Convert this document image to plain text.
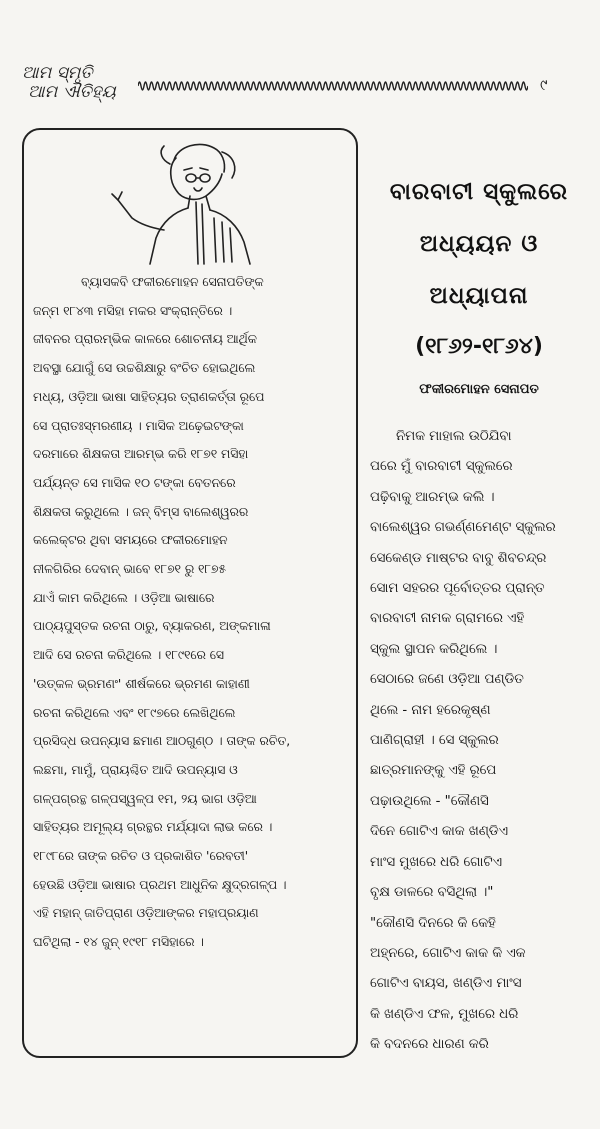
ଆମ ସ୍ମୃତି
ଆମ ଐତିହ୍ୟ	୯

ବ୍ୟାସକବି ଫକୀରମୋହନ ସେନାପତିଙ୍କ
ଜନ୍ମ ୧୮୪୩ ମସିହା ମକର ସଂକ୍ରାନ୍ତିରେ ।
ଜୀବନର ପ୍ରାରମ୍ଭିକ କାଳରେ ଶୋଚନୀୟ ଆର୍ଥିକ
ଅବସ୍ଥା ଯୋଗୁଁ ସେ ଉଚ୍ଚଶିକ୍ଷାରୁ ବଂଚିତ ହୋଇଥିଲେ
ମଧ୍ୟ, ଓଡ଼ିଆ ଭାଷା ସାହିତ୍ୟର ତ୍ରାଣକର୍ତ୍ତା ରୂପେ
ସେ ପ୍ରାତଃସ୍ମରଣୀୟ । ମାସିକ ଅଢ଼େଇଟଙ୍କା
ଦରମାରେ ଶିକ୍ଷକତା ଆରମ୍ଭ କରି ୧୮୭୧ ମସିହା
ପର୍ଯ୍ୟନ୍ତ ସେ ମାସିକ ୧୦ ଟଙ୍କା ବେତନରେ
ଶିକ୍ଷକତା କରୁଥିଲେ । ଜନ୍ ବିମ୍ସ ବାଲେଶ୍ୱରର
କଲେକ୍ଟର ଥିବା ସମୟରେ ଫକୀରମୋହନ
ନୀଳଗିରିର ଦେବାନ୍ ଭାବେ ୧୮୭୧ ରୁ ୧୮୭୫
ଯାଏଁ କାମ କରିଥିଲେ । ଓଡ଼ିଆ ଭାଷାରେ
ପାଠ୍ୟପୁସ୍ତକ ରଚନା ଠାରୁ, ବ୍ୟାକରଣ, ଅଙ୍କମାଳା
ଆଦି ସେ ରଚନା କରିଥିଲେ । ୧୮୯୧ରେ ସେ
'ଉତ୍କଳ ଭ୍ରମଣଂ' ଶୀର୍ଷକରେ ଭ୍ରମଣ କାହାଣୀ
ରଚନା କରିଥିଲେ ଏବଂ ୧୮୯୭ରେ ଲେଖିଥିଲେ
ପ୍ରସିଦ୍ଧ ଉପନ୍ୟାସ ଛମାଣ ଆଠଗୁଣ୍ଠ । ତାଙ୍କ ରଚିତ,
ଲଛମା, ମାମୁଁ, ପ୍ରାୟଶ୍ଚିତ ଆଦି ଉପନ୍ୟାସ ଓ
ଗଳ୍ପଗ୍ରନ୍ଥ ଗଳ୍ପସ୍ୱଳ୍ପ ୧ମ, ୨ୟ ଭାଗ ଓଡ଼ିଆ
ସାହିତ୍ୟର ଅମୂଲ୍ୟ ଗ୍ରନ୍ଥର ମର୍ଯ୍ୟାଦା ଲାଭ କରେ ।
୧୮୯୮ରେ ତାଙ୍କ ରଚିତ ଓ ପ୍ରକାଶିତ 'ରେବତୀ'
ହେଉଛି ଓଡ଼ିଆ ଭାଷାର ପ୍ରଥମ ଆଧୁନିକ କ୍ଷୁଦ୍ରଗଳ୍ପ ।
ଏହି ମହାନ୍ ଜାତିପ୍ରାଣ ଓଡ଼ିଆଙ୍କର ମହାପ୍ରୟାଣ
ଘଟିଥିଲା - ୧୪ ଜୁନ୍ ୧୯୧୮ ମସିହାରେ ।

ବାରବାଟୀ ସ୍କୁଲରେ
ଅଧ୍ୟୟନ ଓ ଅଧ୍ୟାପନା
(୧୮୬୨-୧୮୬୪)
ଫକୀରମୋହନ ସେନାପତ
ନିମକ ମାହାଲ ଉଠିଯିବା
ପରେ ମୁଁ ବାରବାଟୀ ସ୍କୁଲରେ
ପଢ଼ିବାକୁ ଆରମ୍ଭ କଲି ।
ବାଲେଶ୍ୱର ଗଭର୍ଣ୍ଣମେଣ୍ଟ ସ୍କୁଲର
ସେକେଣ୍ଡ ମାଷ୍ଟର ବାବୁ ଶିବଚନ୍ଦ୍ର
ସୋମ ସହରର ପୂର୍ବୋତ୍ତର ପ୍ରାନ୍ତ
ବାରବାଟୀ ନାମକ ଗ୍ରାମରେ ଏହି
ସ୍କୁଲ ସ୍ଥାପନ କରିଥିଲେ ।
ସେଠାରେ ଜଣେ ଓଡ଼ିଆ ପଣ୍ଡିତ
ଥିଲେ - ନାମ ହରେକୃଷ୍ଣ
ପାଣିଗ୍ରାହୀ । ସେ ସ୍କୁଲର
ଛାତ୍ରମାନଙ୍କୁ ଏହି ରୂପେ
ପଢ଼ାଉଥିଲେ - "କୌଣସି
ଦିନେ ଗୋଟିଏ କାକ ଖଣ୍ଡିଏ
ମାଂସ ମୁଖରେ ଧରି ଗୋଟିଏ
ବୃକ୍ଷ ଡାଳରେ ବସିଥିଲା ।"
"କୌଣସି ଦିନରେ କି କେହି
ଅହ୍ନରେ, ଗୋଟିଏ କାକ କି ଏକ
ଗୋଟିଏ ବାୟସ, ଖଣ୍ଡିଏ ମାଂସ
କି ଖଣ୍ଡିଏ ଫଳ, ମୁଖରେ ଧରି
କି ବଦନରେ ଧାରଣ କରି
